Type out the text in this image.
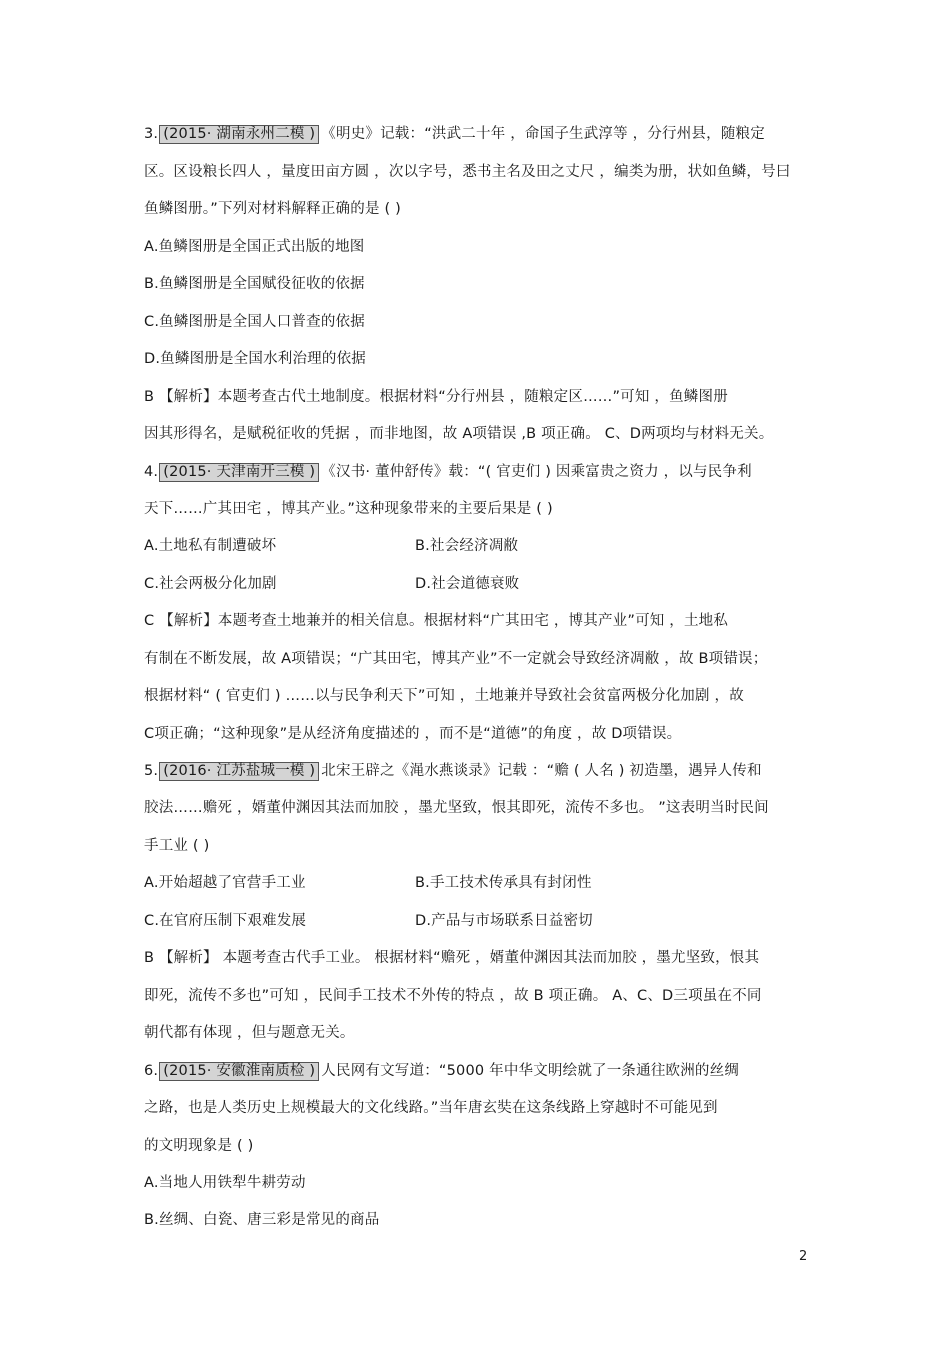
3. (2015· 湖南永州二模 ) 《明史》记载：“洪武二十年 ，命国子生武淳等 ，分行州县，随粮定
区。区设粮长四人 ，量度田亩方圆 ，次以字号，悉书主名及田之丈尺 ，编类为册，状如鱼鳞，号曰
鱼鳞图册。”下列对材料解释正确的是 ( )
A.鱼鳞图册是全国正式出版的地图
B.鱼鳞图册是全国赋役征收的依据
C.鱼鳞图册是全国人口普查的依据
D.鱼鳞图册是全国水利治理的依据
B 【解析】本题考查古代土地制度。根据材料“分行州县 ，随粮定区……”可知 ，鱼鳞图册
因其形得名，是赋税征收的凭据 ，而非地图，故 A项错误 ,B 项正确。 C、D两项均与材料无关。
4. (2015· 天津南开三模 ) 《汉书· 董仲舒传》载：“( 官吏们 ) 因乘富贵之资力 ，以与民争利
天下……广其田宅 ，博其产业。”这种现象带来的主要后果是 ( )
A.土地私有制遭破坏	B.社会经济凋敝
C.社会两极分化加剧	D.社会道德衰败
C 【解析】本题考查土地兼并的相关信息。根据材料“广其田宅 ，博其产业”可知 ，土地私
有制在不断发展，故 A项错误；“广其田宅，博其产业”不一定就会导致经济凋敝 ，故 B项错误；
根据材料“ ( 官吏们 ) ……以与民争利天下”可知 ，土地兼并导致社会贫富两极分化加剧 ，故
C项正确；“这种现象”是从经济角度描述的 ，而不是“道德”的角度 ，故 D项错误。
5. (2016· 江苏盐城一模 ) 北宋王辟之《渑水燕谈录》记载 ：“赡 ( 人名 ) 初造墨，遇异人传和
胶法……赡死 ，婿董仲渊因其法而加胶 ，墨尤坚致，恨其即死，流传不多也。 ”这表明当时民间
手工业 ( )
A.开始超越了官营手工业	B.手工技术传承具有封闭性
C.在官府压制下艰难发展	D.产品与市场联系日益密切
B 【解析】 本题考查古代手工业。 根据材料“赡死 ，婿董仲渊因其法而加胶 ，墨尤坚致，恨其
即死，流传不多也”可知 ，民间手工技术不外传的特点 ，故 B 项正确。 A、C、D三项虽在不同
朝代都有体现 ，但与题意无关。
6. (2015· 安徽淮南质检 ) 人民网有文写道：“5000 年中华文明绘就了一条通往欧洲的丝绸
之路，也是人类历史上规模最大的文化线路。”当年唐玄奘在这条线路上穿越时不可能见到
的文明现象是 ( )
A.当地人用铁犁牛耕劳动
B.丝绸、白瓷、唐三彩是常见的商品
2
